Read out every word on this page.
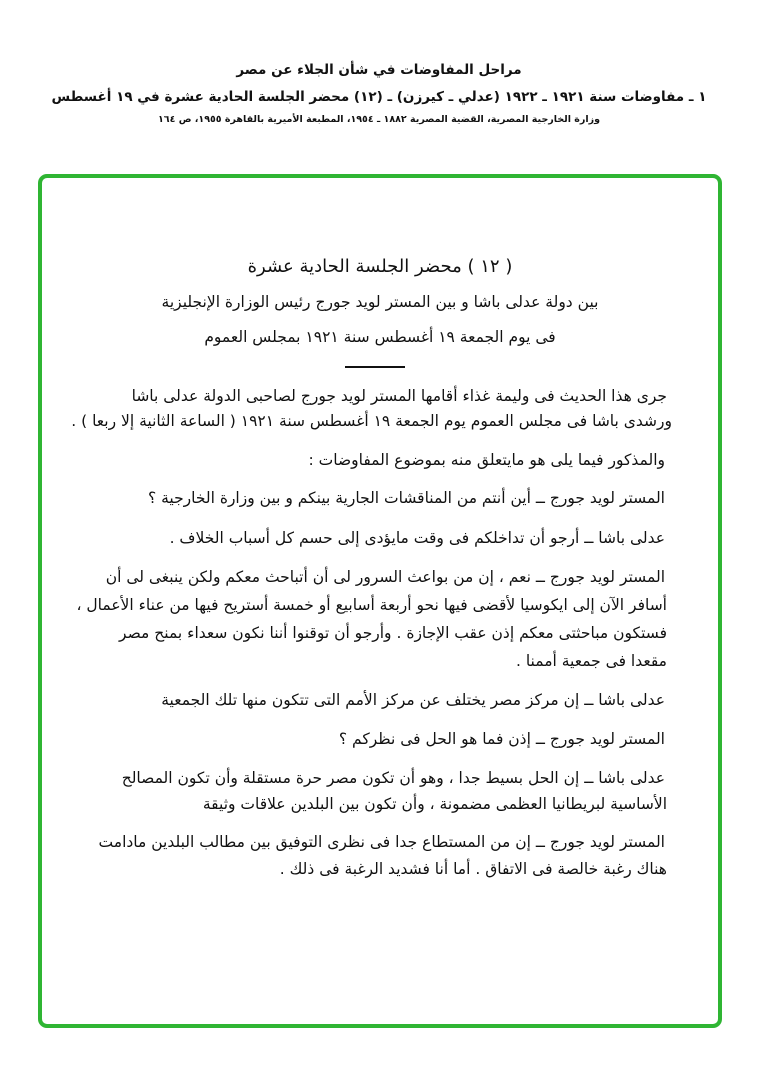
مراحل المفاوضات في شأن الجلاء عن مصر
١ ـ مفاوضات سنة ١٩٢١ ـ ١٩٢٢ (عدلي ـ كيرزن) ـ (١٢) محضر الجلسة الحادية عشرة في ١٩ أغسطس
وزارة الخارجية المصرية، القضية المصرية ١٨٨٢ ـ ١٩٥٤، المطبعة الأميرية بالقاهرة ١٩٥٥، ص ١٦٤
( ١٢ ) محضر الجلسة الحادية عشرة
بين دولة عدلى باشا و بين المستر لويد جورج رئيس الوزارة الإنجليزية
فى يوم الجمعة ١٩ أغسطس سنة ١٩٢١ بمجلس العموم
جرى هذا الحديث فى وليمة غذاء أقامها المستر لويد جورج لصاحبى الدولة عدلى باشا
ورشدى باشا فى مجلس العموم يوم الجمعة ١٩ أغسطس سنة ١٩٢١ ( الساعة الثانية إلا ربعا ) .
والمذكور فيما يلى هو مايتعلق منه بموضوع المفاوضات :
المستر لويد جورج ــ أين أنتم من المناقشات الجارية بينكم و بين وزارة الخارجية ؟
عدلى باشا ــ أرجو أن تداخلكم فى وقت مايؤدى إلى حسم كل أسباب الخلاف .
المستر لويد جورج ــ نعم ، إن من بواعث السرور لى أن أتباحث معكم ولكن ينبغى لى أن
أسافر الآن إلى ايكوسيا لأقضى فيها نحو أربعة أسابيع أو خمسة أستريح فيها من عناء الأعمال ،
فستكون مباحثتى معكم إذن عقب الإجازة . وأرجو أن توقنوا أننا نكون سعداء بمنح مصر
مقعدا فى جمعية أممنا .
عدلى باشا ــ إن مركز مصر يختلف عن مركز الأمم التى تتكون منها تلك الجمعية
المستر لويد جورج ــ إذن فما هو الحل فى نظركم ؟
عدلى باشا ــ إن الحل بسيط جدا ، وهو أن تكون مصر حرة مستقلة وأن تكون المصالح
الأساسية لبريطانيا العظمى مضمونة ، وأن تكون بين البلدين علاقات وثيقة
المستر لويد جورج ــ إن من المستطاع جدا فى نظرى التوفيق بين مطالب البلدين مادامت
هناك رغبة خالصة فى الاتفاق . أما أنا فشديد الرغبة فى ذلك .
